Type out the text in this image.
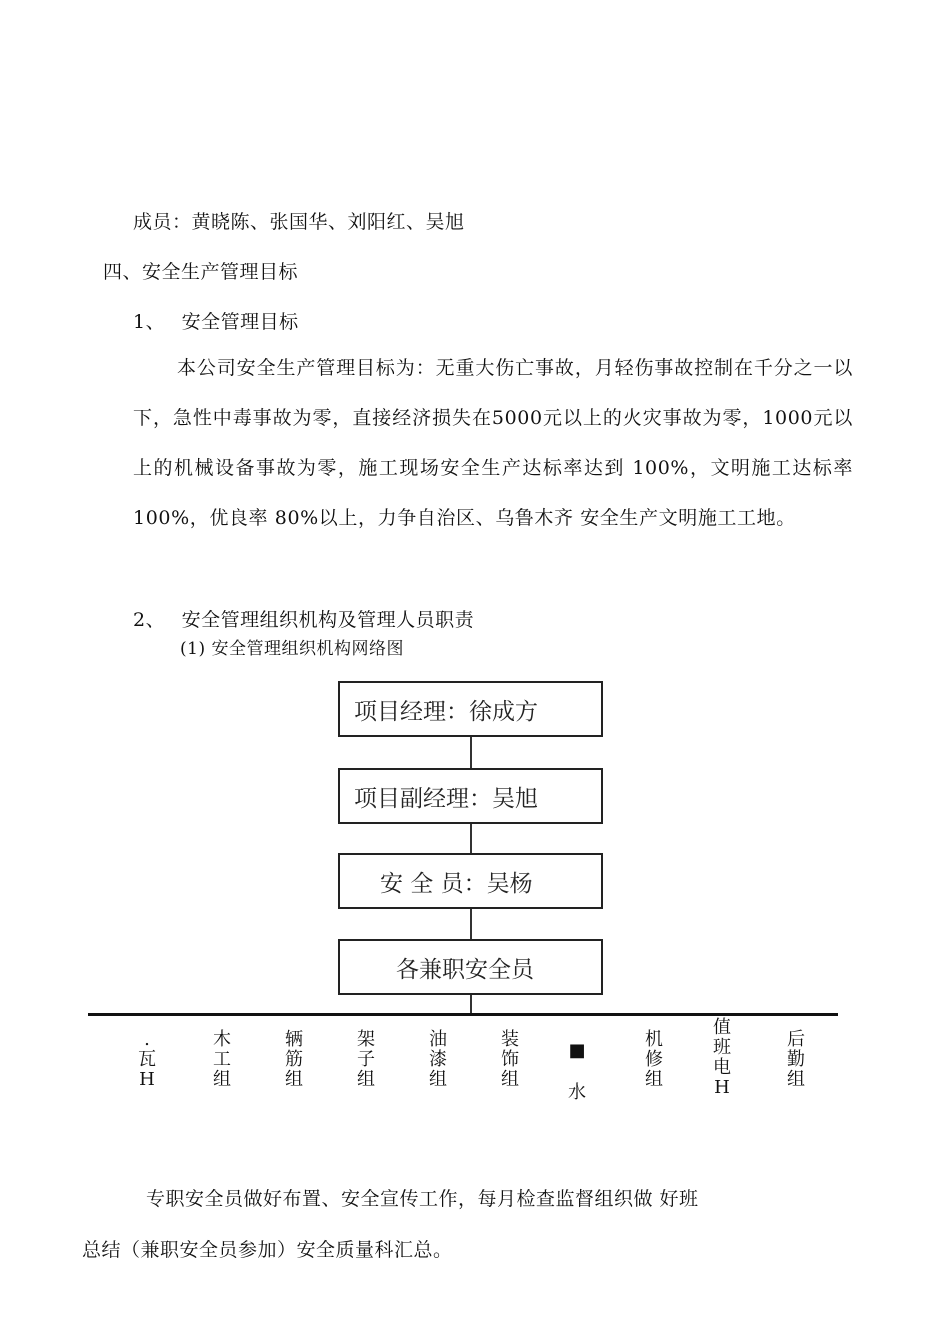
成员：黄晓陈、张国华、刘阳红、吴旭
四、安全生产管理目标
1、　 安全管理目标
本公司安全生产管理目标为：无重大伤亡事故，月轻伤事故控制在千分之一以下，急性中毒事故为零，直接经济损失在5000元以上的火灾事故为零，1000元以上的机械设备事故为零，施工现场安全生产达标率达到 100%，文明施工达标率 100%，优良率 80%以上，力争自治区、乌鲁木齐 安全生产文明施工工地。
2、　 安全管理组织机构及管理人员职责
(1) 安全管理组织机构网络图
项目经理：徐成方
项目副经理：吴旭
安 全 员：吴杨
各兼职安全员
.瓦H
木工组
辆筋组
架子组
油漆组
装饰组
■水
机修组
值班电H
后勤组
专职安全员做好布置、安全宣传工作，每月检查监督组织做 好班
总结（兼职安全员参加）安全质量科汇总。
